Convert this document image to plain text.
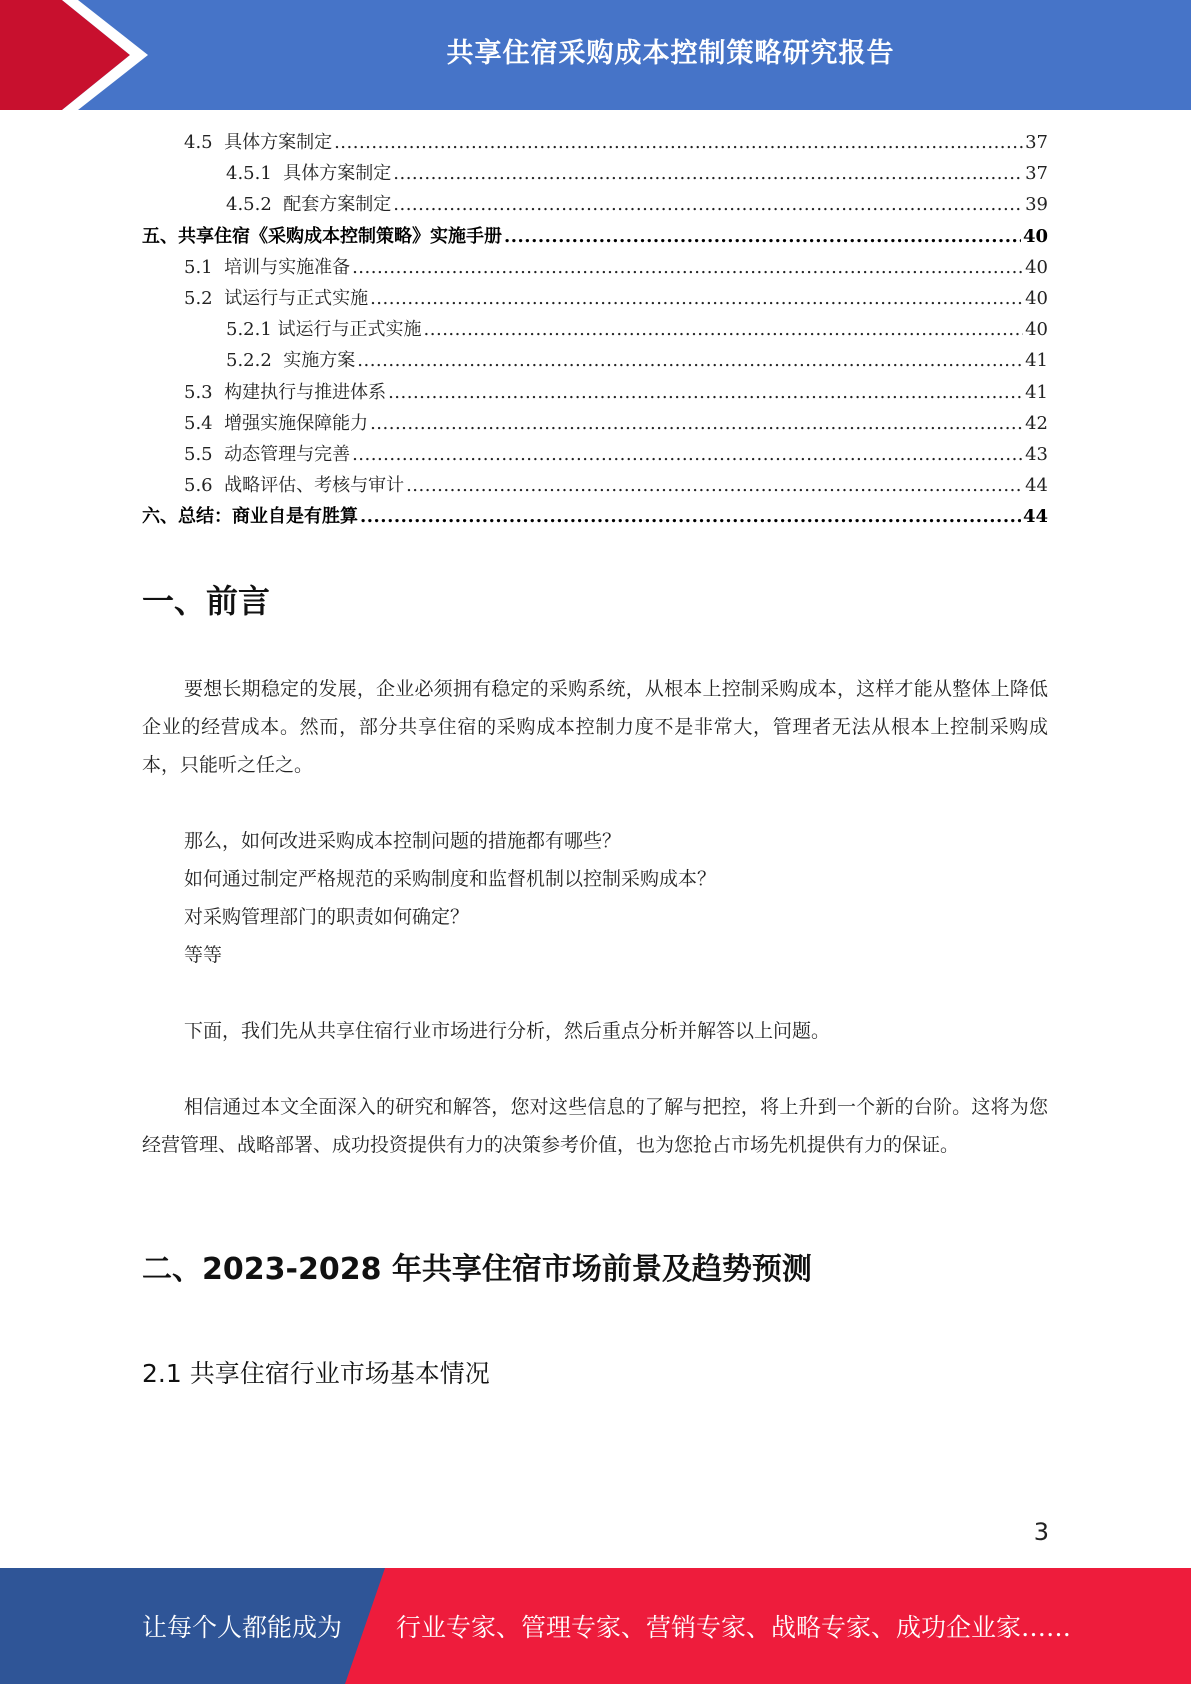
共享住宿采购成本控制策略研究报告
4.5  具体方案制定 .....	37
4.5.1  具体方案制定 .....	37
4.5.2  配套方案制定 .....	39
五、共享住宿《采购成本控制策略》实施手册 .....	40
5.1  培训与实施准备 .....	40
5.2  试运行与正式实施 .....	40
5.2.1 试运行与正式实施 .....	40
5.2.2  实施方案 .....	41
5.3  构建执行与推进体系 .....	41
5.4  增强实施保障能力 .....	42
5.5  动态管理与完善 .....	43
5.6  战略评估、考核与审计 .....	44
六、总结：商业自是有胜算 .....	44
一、前言

要想长期稳定的发展，企业必须拥有稳定的采购系统，从根本上控制采购成本，这样才能从整体上降低企业的经营成本。然而，部分共享住宿的采购成本控制力度不是非常大，管理者无法从根本上控制采购成本，只能听之任之。

那么，如何改进采购成本控制问题的措施都有哪些？
如何通过制定严格规范的采购制度和监督机制以控制采购成本？
对采购管理部门的职责如何确定？
等等

下面，我们先从共享住宿行业市场进行分析，然后重点分析并解答以上问题。

相信通过本文全面深入的研究和解答，您对这些信息的了解与把控，将上升到一个新的台阶。这将为您经营管理、战略部署、成功投资提供有力的决策参考价值，也为您抢占市场先机提供有力的保证。

二、2023-2028 年共享住宿市场前景及趋势预测
2.1 共享住宿行业市场基本情况
3
让每个人都能成为 行业专家、管理专家、营销专家、战略专家、成功企业家……
